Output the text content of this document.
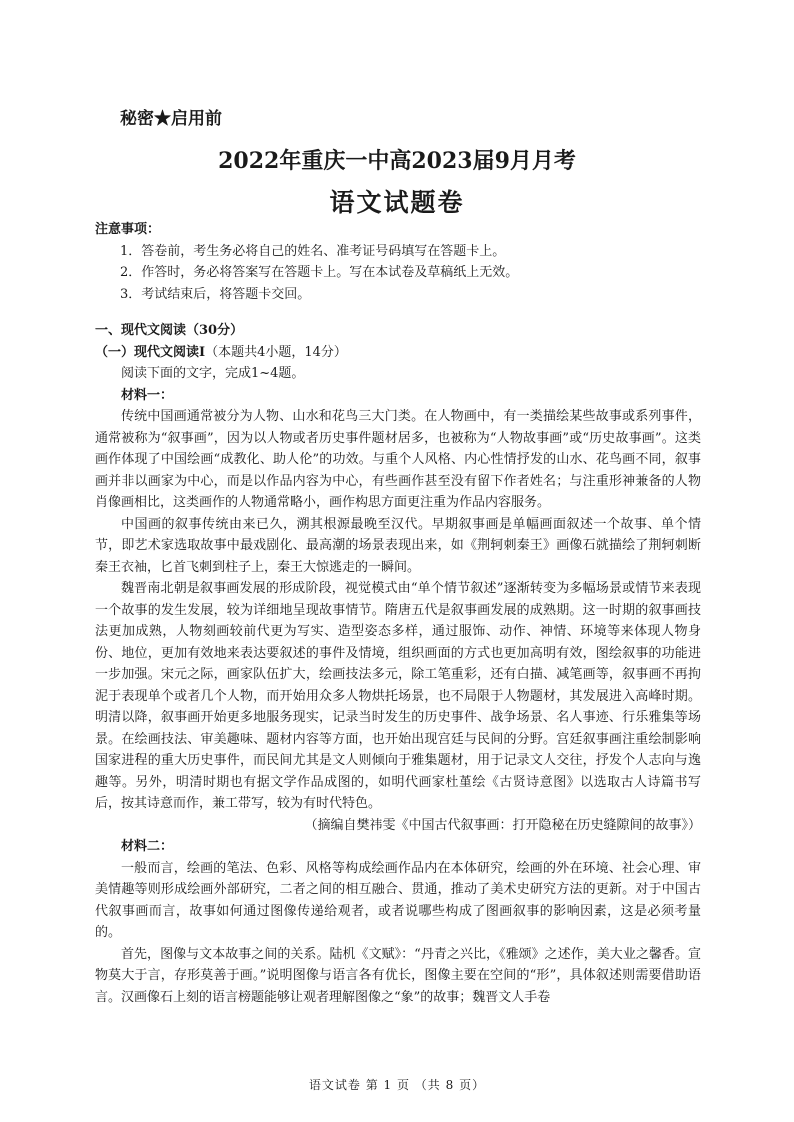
秘密★启用前
2022年重庆一中高2023届9月月考
语文试题卷
注意事项：
1．答卷前，考生务必将自己的姓名、准考证号码填写在答题卡上。
2．作答时，务必将答案写在答题卡上。写在本试卷及草稿纸上无效。
3．考试结束后，将答题卡交回。
一、现代文阅读（30分）
（一）现代文阅读Ⅰ（本题共4小题，14分）
阅读下面的文字，完成1~4题。
材料一：

传统中国画通常被分为人物、山水和花鸟三大门类。在人物画中，有一类描绘某些故事或系列事件，通常被称为“叙事画”，因为以人物或者历史事件题材居多，也被称为“人物故事画”或“历史故事画”。这类画作体现了中国绘画“成教化、助人伦”的功效。与重个人风格、内心性情抒发的山水、花鸟画不同，叙事画并非以画家为中心，而是以作品内容为中心，有些画作甚至没有留下作者姓名；与注重形神兼备的人物肖像画相比，这类画作的人物通常略小，画作构思方面更注重为作品内容服务。

中国画的叙事传统由来已久，溯其根源最晚至汉代。早期叙事画是单幅画面叙述一个故事、单个情节，即艺术家选取故事中最戏剧化、最高潮的场景表现出来，如《荆轲刺秦王》画像石就描绘了荆轲刺断秦王衣袖，匕首飞刺到柱子上，秦王大惊逃走的一瞬间。

魏晋南北朝是叙事画发展的形成阶段，视觉模式由“单个情节叙述”逐渐转变为多幅场景或情节来表现一个故事的发生发展，较为详细地呈现故事情节。隋唐五代是叙事画发展的成熟期。这一时期的叙事画技法更加成熟，人物刻画较前代更为写实、造型姿态多样，通过服饰、动作、神情、环境等来体现人物身份、地位，更加有效地来表达要叙述的事件及情境，组织画面的方式也更加高明有效，图绘叙事的功能进一步加强。宋元之际，画家队伍扩大，绘画技法多元，除工笔重彩，还有白描、减笔画等，叙事画不再拘泥于表现单个或者几个人物，而开始用众多人物烘托场景，也不局限于人物题材，其发展进入高峰时期。明清以降，叙事画开始更多地服务现实，记录当时发生的历史事件、战争场景、名人事迹、行乐雅集等场景。在绘画技法、审美趣味、题材内容等方面，也开始出现宫廷与民间的分野。宫廷叙事画注重绘制影响国家进程的重大历史事件，而民间尤其是文人则倾向于雅集题材，用于记录文人交往，抒发个人志向与逸趣等。另外，明清时期也有据文学作品成图的，如明代画家杜堇绘《古贤诗意图》以选取古人诗篇书写后，按其诗意而作，兼工带写，较为有时代特色。

（摘编自樊祎雯《中国古代叙事画：打开隐秘在历史缝隙间的故事》）
材料二：

一般而言，绘画的笔法、色彩、风格等构成绘画作品内在本体研究，绘画的外在环境、社会心理、审美情趣等则形成绘画外部研究，二者之间的相互融合、贯通，推动了美术史研究方法的更新。对于中国古代叙事画而言，故事如何通过图像传递给观者，或者说哪些构成了图画叙事的影响因素，这是必须考量的。

首先，图像与文本故事之间的关系。陆机《文赋》：“丹青之兴比，《雅颂》之述作，美大业之馨香。宣物莫大于言，存形莫善于画。”说明图像与语言各有优长，图像主要在空间的“形”，具体叙述则需要借助语言。汉画像石上刻的语言榜题能够让观者理解图像之“象”的故事；魏晋文人手卷

语文试卷 第 1 页 （共 8 页）
